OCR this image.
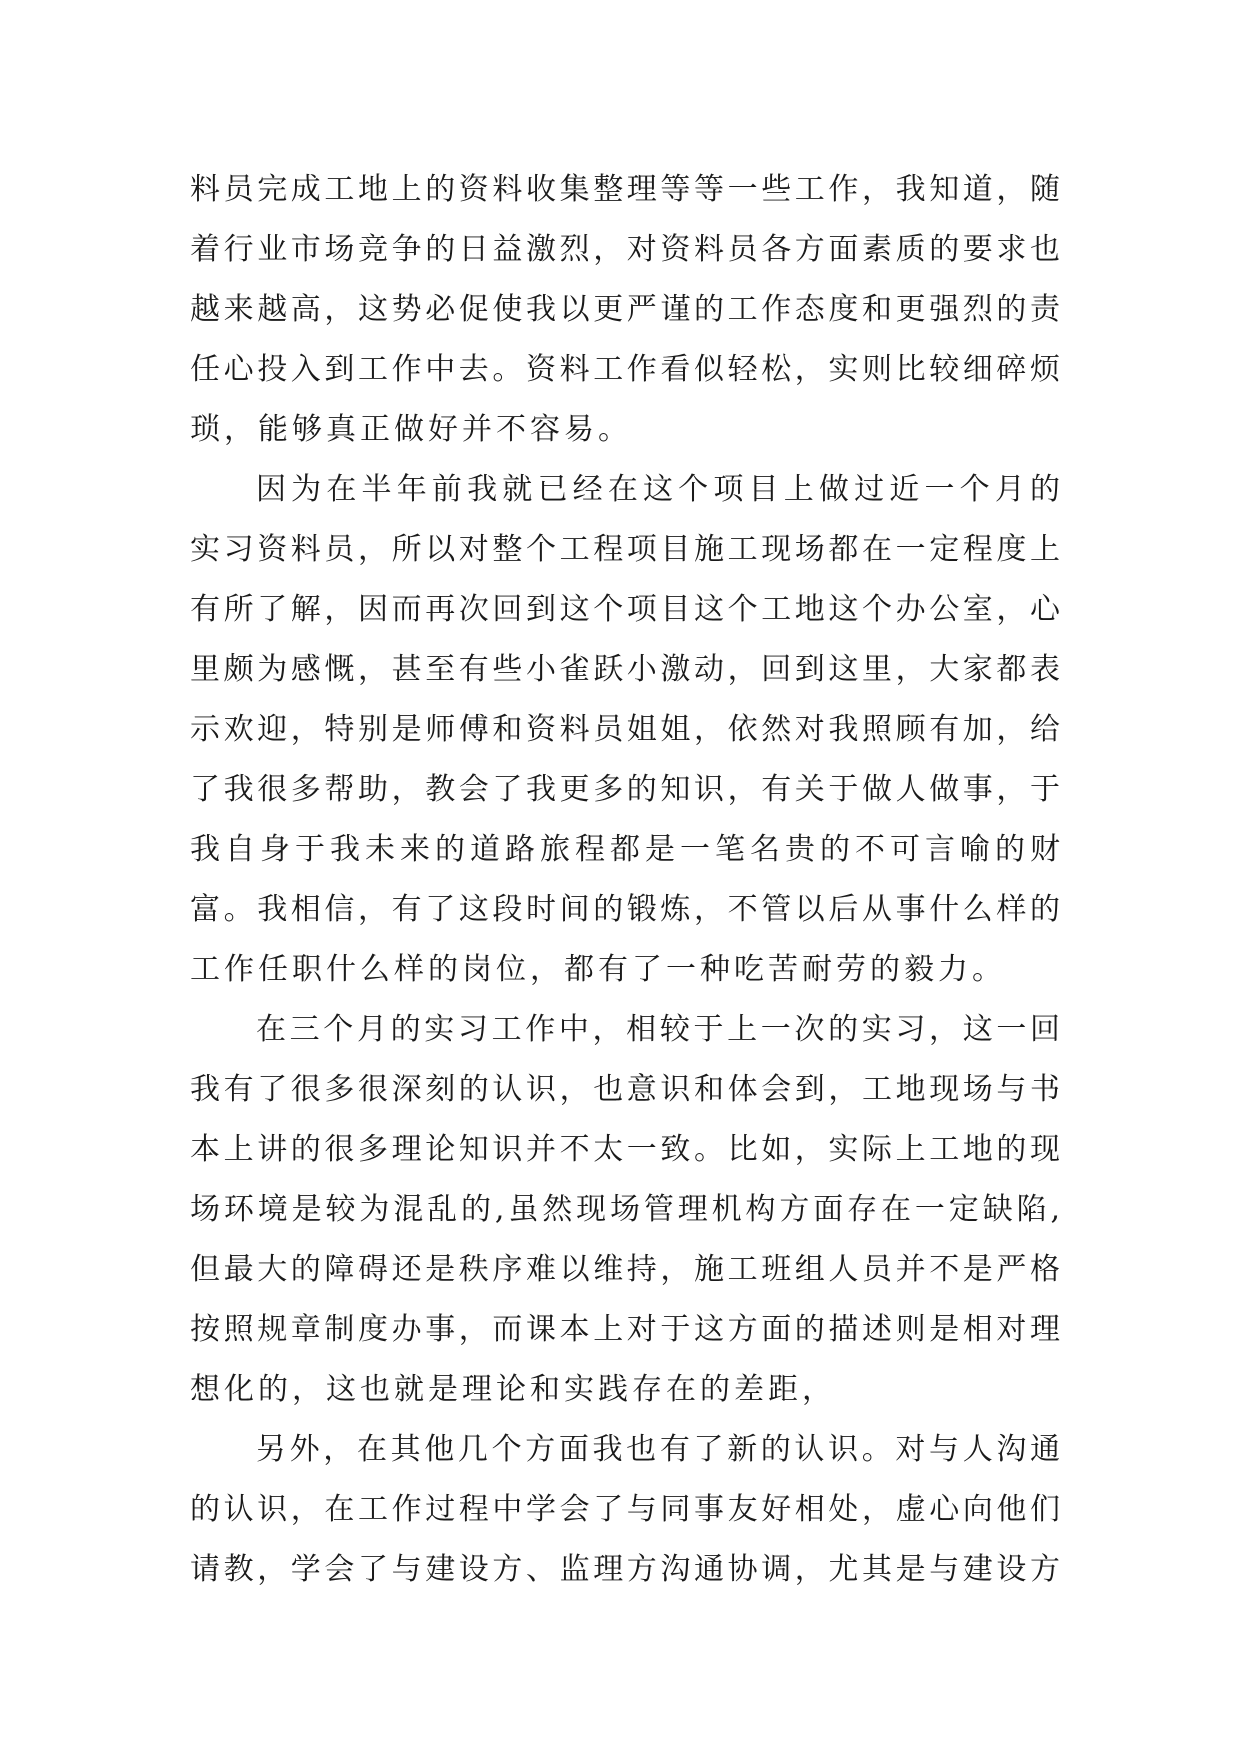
料员完成工地上的资料收集整理等等一些工作，我知道，随
着行业市场竞争的日益激烈，对资料员各方面素质的要求也
越来越高，这势必促使我以更严谨的工作态度和更强烈的责
任心投入到工作中去。资料工作看似轻松，实则比较细碎烦
琐，能够真正做好并不容易。
因为在半年前我就已经在这个项目上做过近一个月的
实习资料员，所以对整个工程项目施工现场都在一定程度上
有所了解，因而再次回到这个项目这个工地这个办公室，心
里颇为感慨，甚至有些小雀跃小激动，回到这里，大家都表
示欢迎，特别是师傅和资料员姐姐，依然对我照顾有加，给
了我很多帮助，教会了我更多的知识，有关于做人做事，于
我自身于我未来的道路旅程都是一笔名贵的不可言喻的财
富。我相信，有了这段时间的锻炼，不管以后从事什么样的
工作任职什么样的岗位，都有了一种吃苦耐劳的毅力。
在三个月的实习工作中，相较于上一次的实习，这一回
我有了很多很深刻的认识，也意识和体会到，工地现场与书
本上讲的很多理论知识并不太一致。比如，实际上工地的现
场环境是较为混乱的,虽然现场管理机构方面存在一定缺陷,
但最大的障碍还是秩序难以维持，施工班组人员并不是严格
按照规章制度办事，而课本上对于这方面的描述则是相对理
想化的，这也就是理论和实践存在的差距，
另外，在其他几个方面我也有了新的认识。对与人沟通
的认识，在工作过程中学会了与同事友好相处，虚心向他们
请教，学会了与建设方、监理方沟通协调，尤其是与建设方
